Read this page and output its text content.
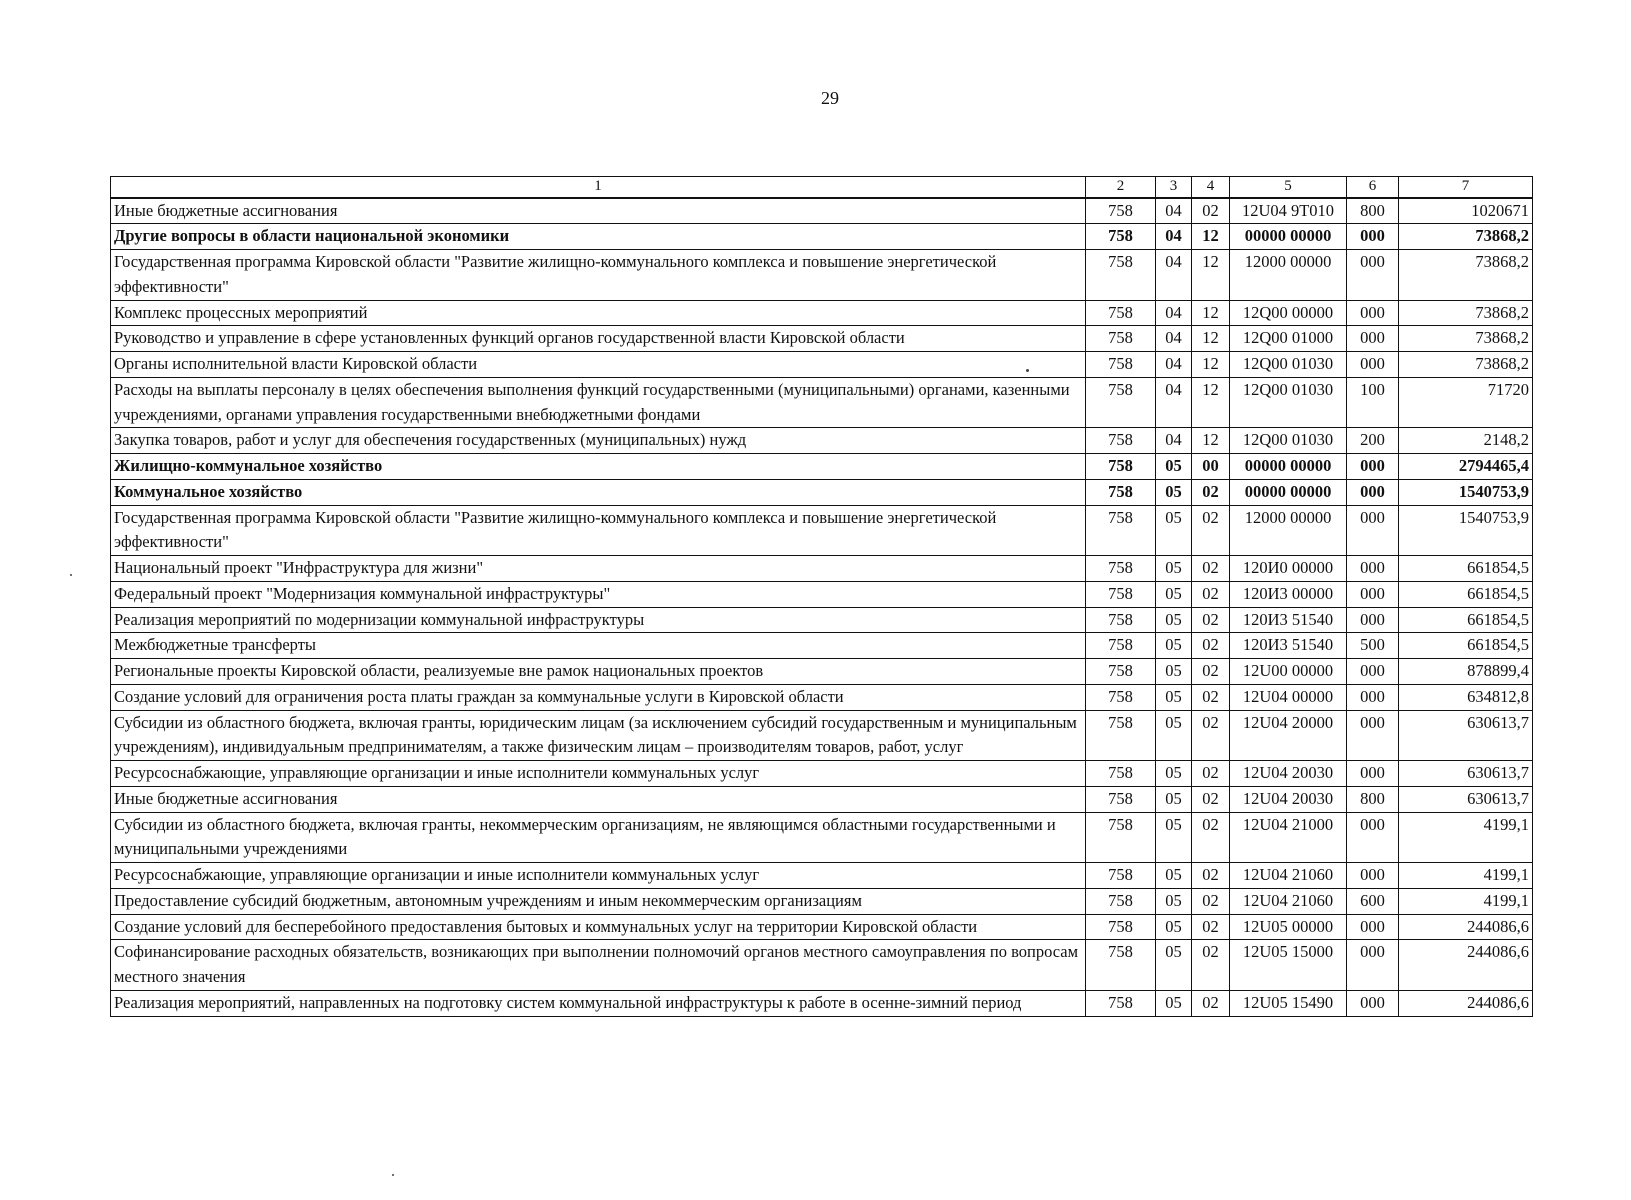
29
1	2	3	4	5	6	7
Иные бюджетные ассигнования	758	04	02	12U04 9T010	800	1020671
Другие вопросы в области национальной экономики	758	04	12	00000 00000	000	73868,2
Государственная программа Кировской области "Развитие жилищно-коммунального комплекса и повышение энергетической эффективности"	758	04	12	12000 00000	000	73868,2
Комплекс процессных мероприятий	758	04	12	12Q00 00000	000	73868,2
Руководство и управление в сфере установленных функций органов государственной власти Кировской области	758	04	12	12Q00 01000	000	73868,2
Органы исполнительной власти Кировской области	758	04	12	12Q00 01030	000	73868,2
Расходы на выплаты персоналу в целях обеспечения выполнения функций государственными (муниципальными) органами, казенными учреждениями, органами управления государственными внебюджетными фондами	758	04	12	12Q00 01030	100	71720
Закупка товаров, работ и услуг для обеспечения государственных (муниципальных) нужд	758	04	12	12Q00 01030	200	2148,2
Жилищно-коммунальное хозяйство	758	05	00	00000 00000	000	2794465,4
Коммунальное хозяйство	758	05	02	00000 00000	000	1540753,9
Государственная программа Кировской области "Развитие жилищно-коммунального комплекса и повышение энергетической эффективности"	758	05	02	12000 00000	000	1540753,9
Национальный проект "Инфраструктура для жизни"	758	05	02	120И0 00000	000	661854,5
Федеральный проект "Модернизация коммунальной инфраструктуры"	758	05	02	120И3 00000	000	661854,5
Реализация мероприятий по модернизации коммунальной инфраструктуры	758	05	02	120И3 51540	000	661854,5
Межбюджетные трансферты	758	05	02	120И3 51540	500	661854,5
Региональные проекты Кировской области, реализуемые вне рамок национальных проектов	758	05	02	12U00 00000	000	878899,4
Создание условий для ограничения роста платы граждан за коммунальные услуги в Кировской области	758	05	02	12U04 00000	000	634812,8
Субсидии из областного бюджета, включая гранты, юридическим лицам (за исключением субсидий государственным и муниципальным учреждениям), индивидуальным предпринимателям, а также физическим лицам – производителям товаров, работ, услуг	758	05	02	12U04 20000	000	630613,7
Ресурсоснабжающие, управляющие организации и иные исполнители коммунальных услуг	758	05	02	12U04 20030	000	630613,7
Иные бюджетные ассигнования	758	05	02	12U04 20030	800	630613,7
Субсидии из областного бюджета, включая гранты, некоммерческим организациям, не являющимся областными государственными и муниципальными учреждениями	758	05	02	12U04 21000	000	4199,1
Ресурсоснабжающие, управляющие организации и иные исполнители коммунальных услуг	758	05	02	12U04 21060	000	4199,1
Предоставление субсидий бюджетным, автономным учреждениям и иным некоммерческим организациям	758	05	02	12U04 21060	600	4199,1
Создание условий для бесперебойного предоставления бытовых и коммунальных услуг на территории Кировской области	758	05	02	12U05 00000	000	244086,6
Софинансирование расходных обязательств, возникающих при выполнении полномочий органов местного самоуправления по вопросам местного значения	758	05	02	12U05 15000	000	244086,6
Реализация мероприятий, направленных на подготовку систем коммунальной инфраструктуры к работе в осенне-зимний период	758	05	02	12U05 15490	000	244086,6
